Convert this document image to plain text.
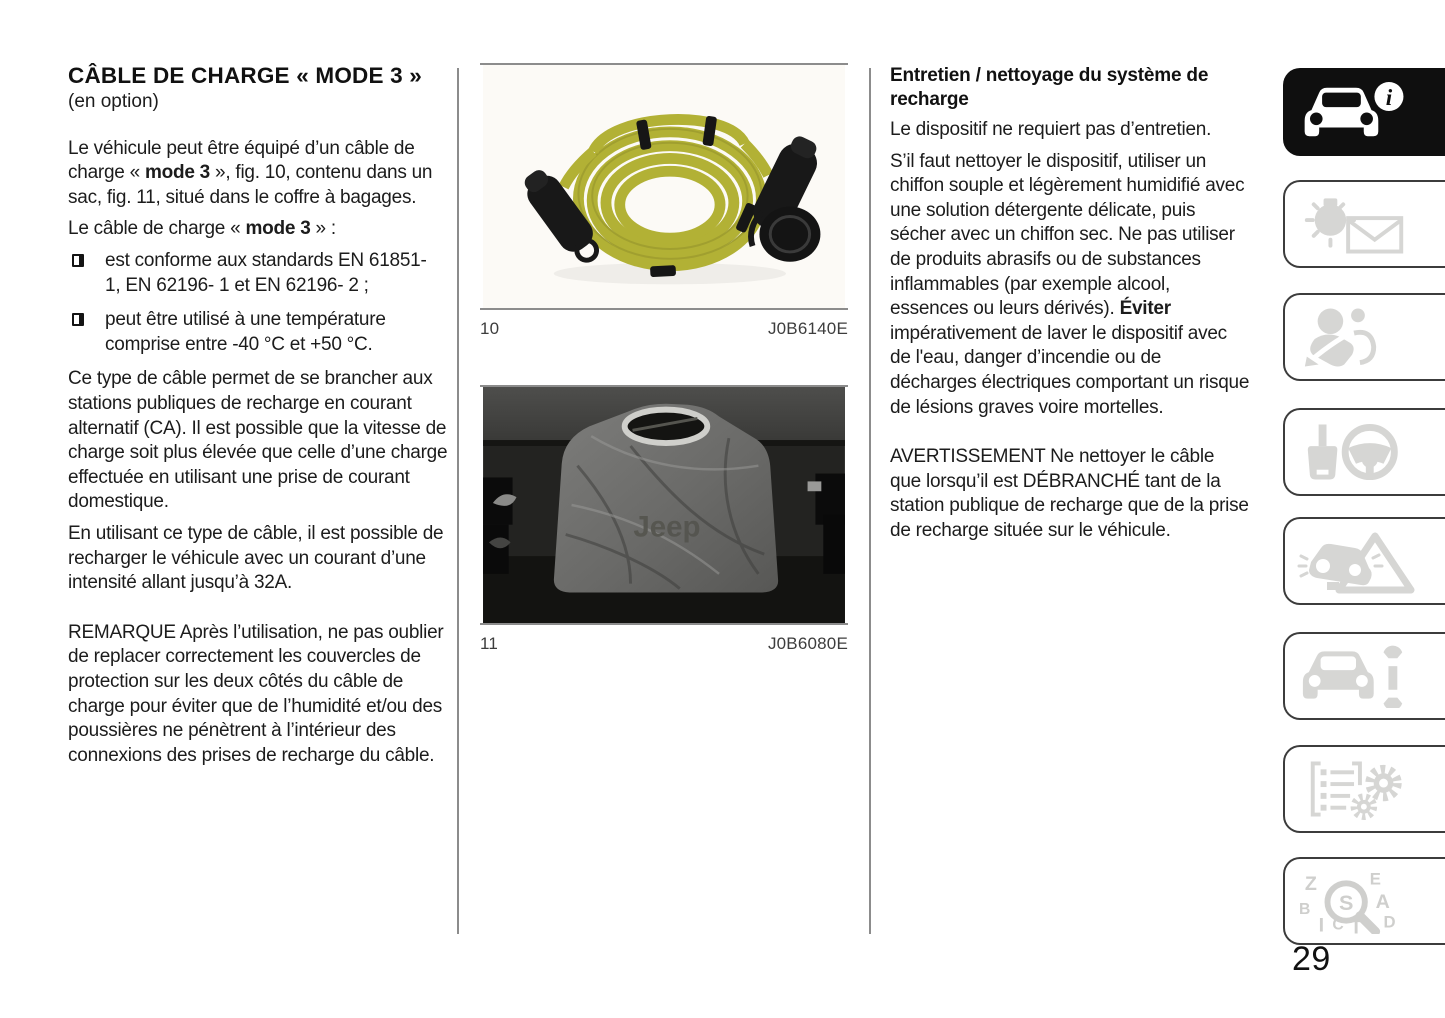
CÂBLE DE CHARGE « MODE 3 »
(en option)

Le véhicule peut être équipé d’un câble de charge « mode 3 », fig. 10, contenu dans un sac, fig. 11, situé dans le coffre à bagages.

Le câble de charge « mode 3 » :

est conforme aux standards EN 61851- 1, EN 62196- 1 et EN 62196- 2 ;
peut être utilisé à une température comprise entre -40 °C et +50 °C.

Ce type de câble permet de se brancher aux stations publiques de recharge en courant alternatif (CA). Il est possible que la vitesse de charge soit plus élevée que celle d’une charge effectuée en utilisant une prise de courant domestique.

En utilisant ce type de câble, il est possible de recharger le véhicule avec un courant d’une intensité allant jusqu’à 32A.

REMARQUE Après l’utilisation, ne pas oublier de replacer correctement les couvercles de protection sur les deux côtés du câble de charge pour éviter que de l’humidité et/ou des poussières ne pénètrent à l’intérieur des connexions des prises de recharge du câble.

10	J0B6140E
Jeep
11	J0B6080E
Entretien / nettoyage du système de recharge

Le dispositif ne requiert pas d’entretien.

S’il faut nettoyer le dispositif, utiliser un chiffon souple et légèrement humidifié avec une solution détergente délicate, puis sécher avec un chiffon sec. Ne pas utiliser de produits abrasifs ou de substances inflammables (par exemple alcool, essences ou leurs dérivés). Éviter impérativement de laver le dispositif avec de l'eau, danger d’incendie ou de décharges électriques comportant un risque de lésions graves voire mortelles.

AVERTISSEMENT Ne nettoyer le câble que lorsqu’il est DÉBRANCHÉ tant de la station publique de recharge que de la prise de recharge située sur le véhicule.

i
Z	E
B	A
I C T D
S
29
